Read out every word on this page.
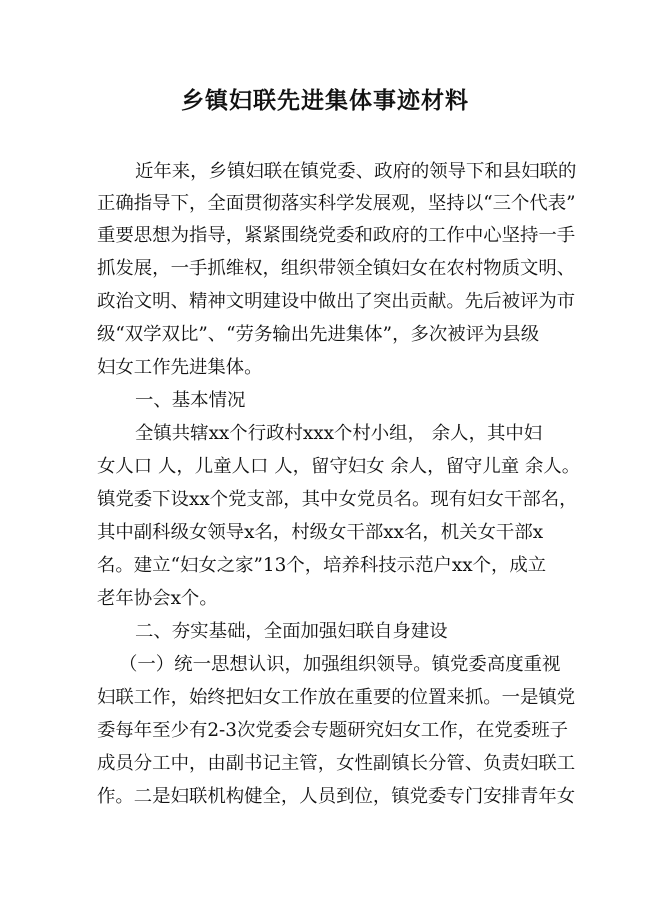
乡镇妇联先进集体事迹材料
近年来，乡镇妇联在镇党委、政府的领导下和县妇联的
正确指导下，全面贯彻落实科学发展观，坚持以“三个代表”
重要思想为指导，紧紧围绕党委和政府的工作中心坚持一手
抓发展，一手抓维权，组织带领全镇妇女在农村物质文明、
政治文明、精神文明建设中做出了突出贡献。先后被评为市
级“双学双比”、“劳务输出先进集体”，多次被评为县级
妇女工作先进集体。
一、基本情况
全镇共辖xx个行政村xxx个村小组， 余人，其中妇
女人口 人，儿童人口 人，留守妇女 余人，留守儿童 余人。
镇党委下设xx个党支部，其中女党员名。现有妇女干部名，
其中副科级女领导x名，村级女干部xx名，机关女干部x
名。建立“妇女之家”13个，培养科技示范户xx个，成立
老年协会x个。
二、夯实基础，全面加强妇联自身建设
（一）统一思想认识，加强组织领导。镇党委高度重视
妇联工作，始终把妇女工作放在重要的位置来抓。一是镇党
委每年至少有2-3次党委会专题研究妇女工作，在党委班子
成员分工中，由副书记主管，女性副镇长分管、负责妇联工
作。二是妇联机构健全，人员到位，镇党委专门安排青年女
